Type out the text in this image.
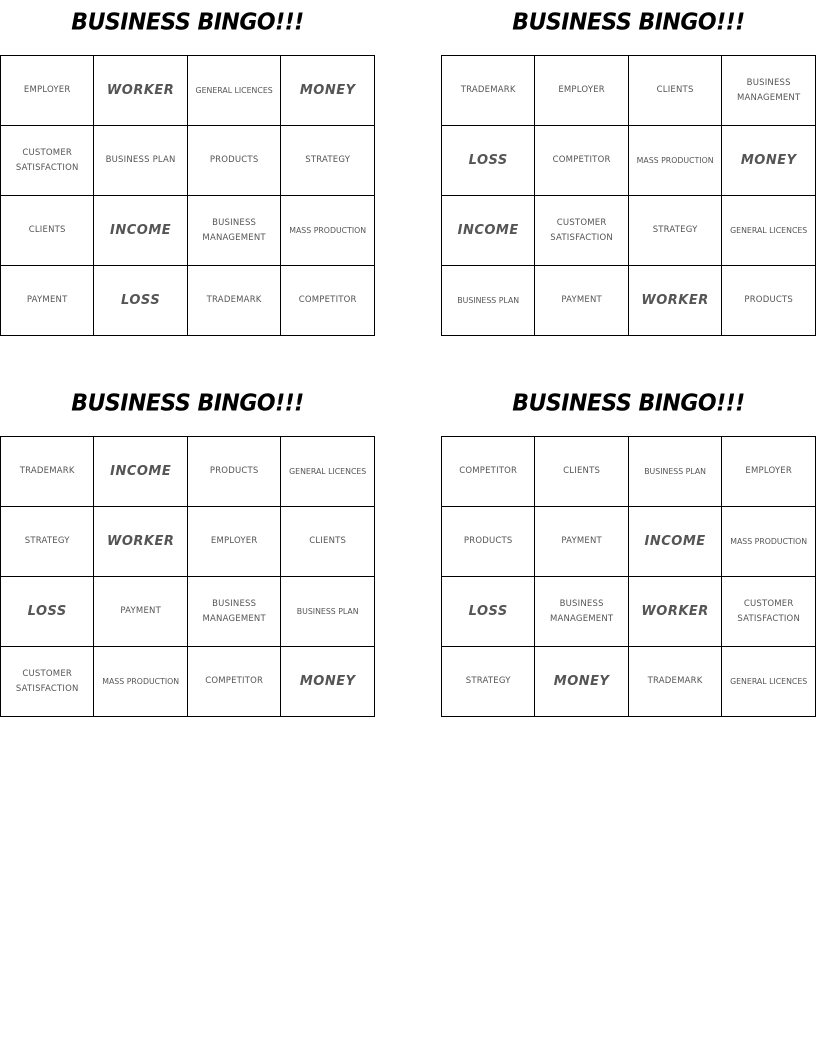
BUSINESS BINGO!!!
EMPLOYER	WORKER	GENERAL LICENCES	MONEY
CUSTOMER SATISFACTION	BUSINESS PLAN	PRODUCTS	STRATEGY
CLIENTS	INCOME	BUSINESS MANAGEMENT	MASS PRODUCTION
PAYMENT	LOSS	TRADEMARK	COMPETITOR
BUSINESS BINGO!!!
TRADEMARK	EMPLOYER	CLIENTS	BUSINESS MANAGEMENT
LOSS	COMPETITOR	MASS PRODUCTION	MONEY
INCOME	CUSTOMER SATISFACTION	STRATEGY	GENERAL LICENCES
BUSINESS PLAN	PAYMENT	WORKER	PRODUCTS
BUSINESS BINGO!!!
TRADEMARK	INCOME	PRODUCTS	GENERAL LICENCES
STRATEGY	WORKER	EMPLOYER	CLIENTS
LOSS	PAYMENT	BUSINESS MANAGEMENT	BUSINESS PLAN
CUSTOMER SATISFACTION	MASS PRODUCTION	COMPETITOR	MONEY
BUSINESS BINGO!!!
COMPETITOR	CLIENTS	BUSINESS PLAN	EMPLOYER
PRODUCTS	PAYMENT	INCOME	MASS PRODUCTION
LOSS	BUSINESS MANAGEMENT	WORKER	CUSTOMER SATISFACTION
STRATEGY	MONEY	TRADEMARK	GENERAL LICENCES
